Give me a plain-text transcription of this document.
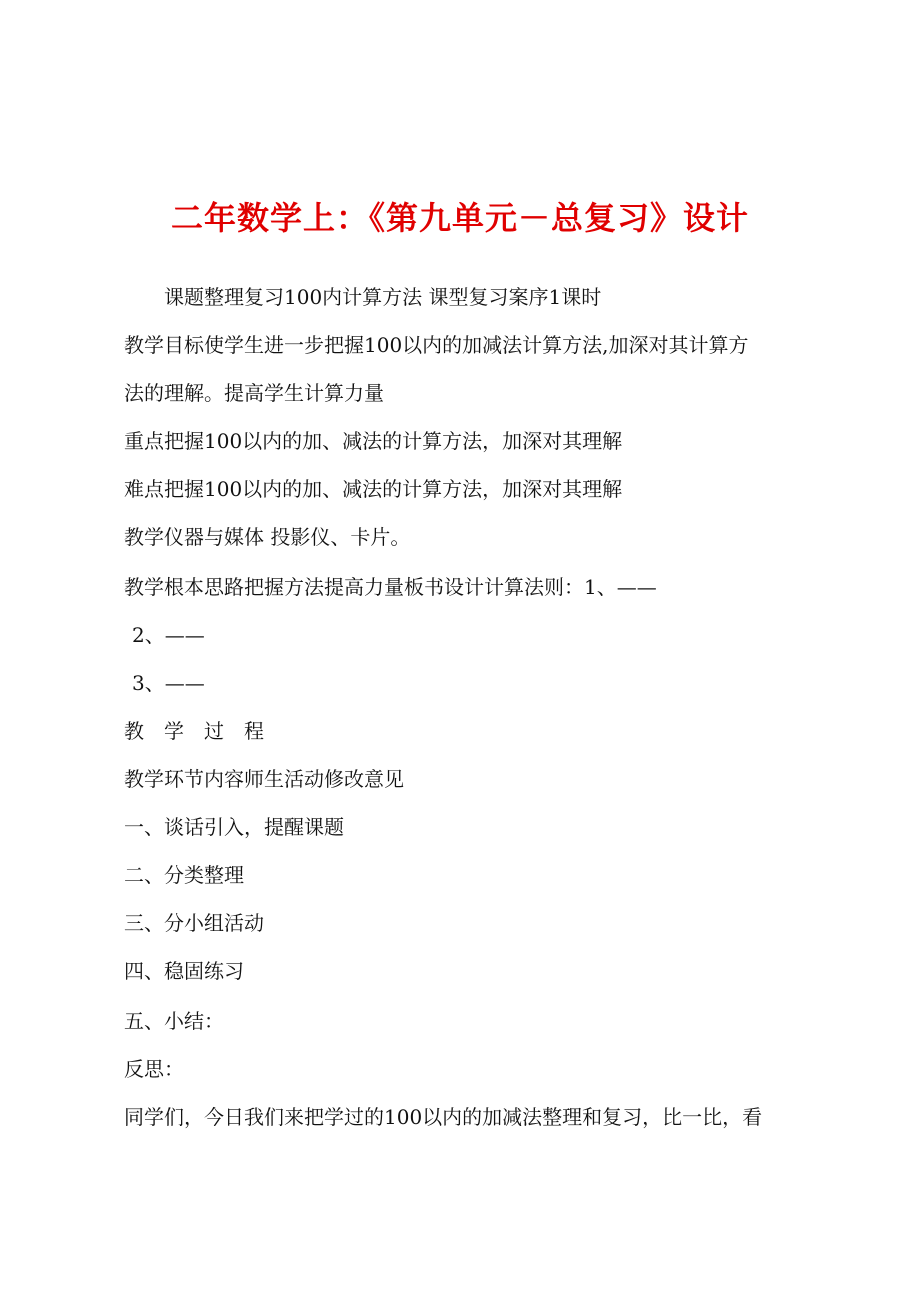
二年数学上：《第九单元－总复习》设计

课题整理复习100内计算方法 课型复习案序1课时

教学目标使学生进一步把握100以内的加减法计算方法,加深对其计算方

法的理解。提高学生计算力量

重点把握100以内的加、减法的计算方法，加深对其理解

难点把握100以内的加、减法的计算方法，加深对其理解

教学仪器与媒体 投影仪、卡片。

教学根本思路把握方法提高力量板书设计计算法则：1、——

2、——

3、——

教学过程

教学环节内容师生活动修改意见

一、谈话引入，提醒课题

二、分类整理

三、分小组活动

四、稳固练习

五、小结：

反思：

同学们，今日我们来把学过的100以内的加减法整理和复习，比一比，看
